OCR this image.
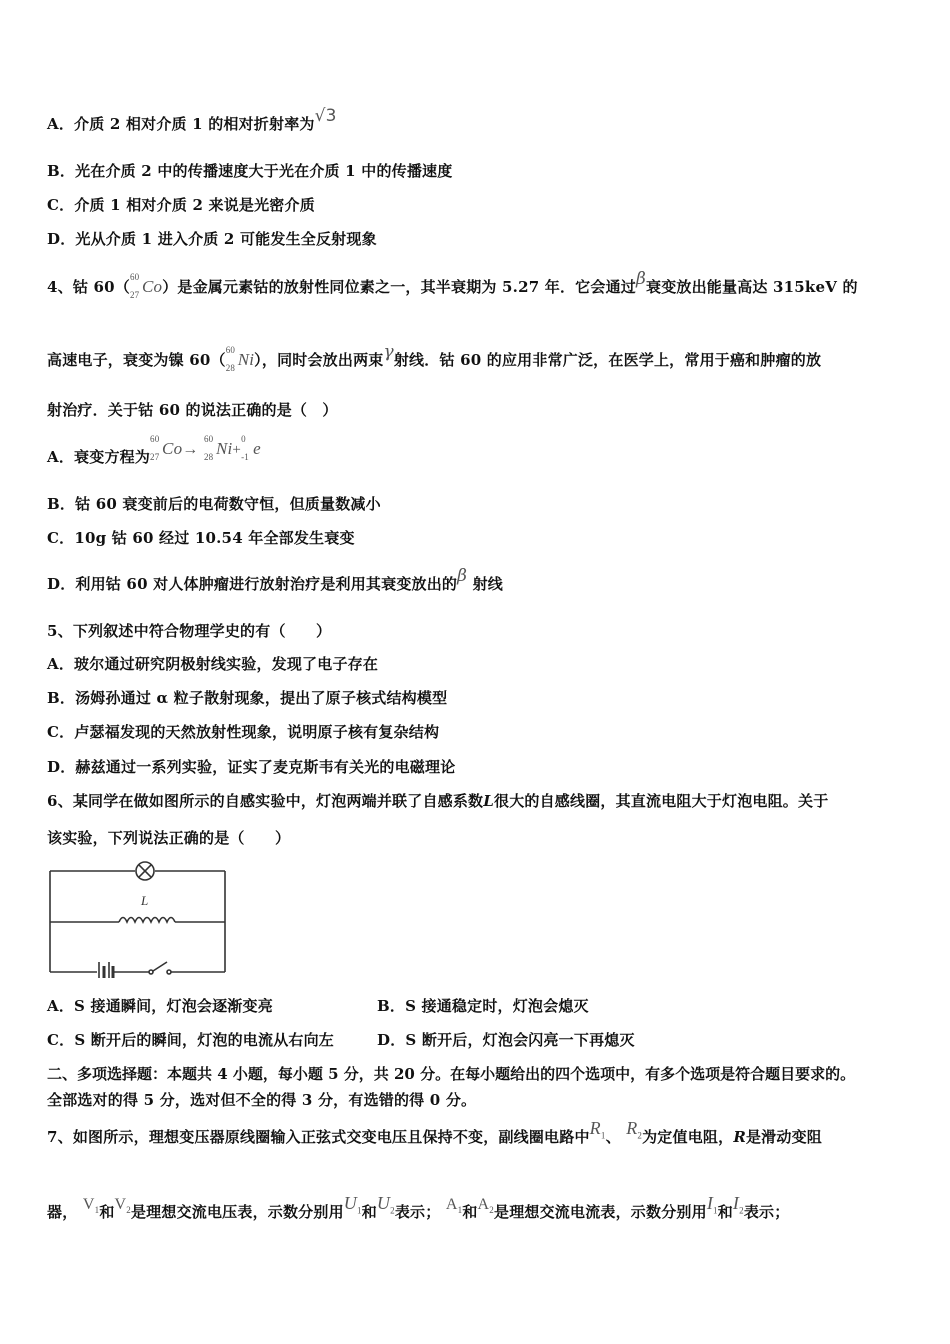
A．介质 2 相对介质 1 的相对折射率为√3
B．光在介质 2 中的传播速度大于光在介质 1 中的传播速度
C．介质 1 相对介质 2 来说是光密介质
D．光从介质 1 进入介质 2 可能发生全反射现象
4、钴 60（
60
27 Co）是金属元素钴的放射性同位素之一，其半衰期为 5.27 年．它会通过β衰变放出能量高达 315keV 的
高速电子，衰变为镍 60（
60
28 Ni），同时会放出两束γ射线．钴 60 的应用非常广泛，在医学上，常用于癌和肿瘤的放
射治疗．关于钴 60 的说法正确的是（　）
A．衰变方程为
60
27 Co→
60
28 Ni+
0
-1 e
B．钴 60 衰变前后的电荷数守恒，但质量数减小
C．10g 钴 60 经过 10.54 年全部发生衰变
D．利用钴 60 对人体肿瘤进行放射治疗是利用其衰变放出的β 射线
5、下列叙述中符合物理学史的有（　　）
A．玻尔通过研究阴极射线实验，发现了电子存在
B．汤姆孙通过 α 粒子散射现象，提出了原子核式结构模型
C．卢瑟福发现的天然放射性现象，说明原子核有复杂结构
D．赫兹通过一系列实验，证实了麦克斯韦有关光的电磁理论
6、某同学在做如图所示的自感实验中，灯泡两端并联了自感系数L很大的自感线圈，其直流电阻大于灯泡电阻。关于
该实验，下列说法正确的是（　　）
L
A．S 接通瞬间，灯泡会逐渐变亮	B．S 接通稳定时，灯泡会熄灭
C．S 断开后的瞬间，灯泡的电流从右向左	D．S 断开后，灯泡会闪亮一下再熄灭
二、多项选择题：本题共 4 小题，每小题 5 分，共 20 分。在每小题给出的四个选项中，有多个选项是符合题目要求的。
全部选对的得 5 分，选对但不全的得 3 分，有选错的得 0 分。
7、如图所示，理想变压器原线圈输入正弦式交变电压且保持不变，副线圈电路中$R_1$、 $R_2$为定值电阻，R是滑动变阻
器， $V_1$和$V_2$是理想交流电压表，示数分别用$U_1$和$U_2$表示； $A_1$和$A_2$是理想交流电流表，示数分别用$I_1$和$I_2$表示；
